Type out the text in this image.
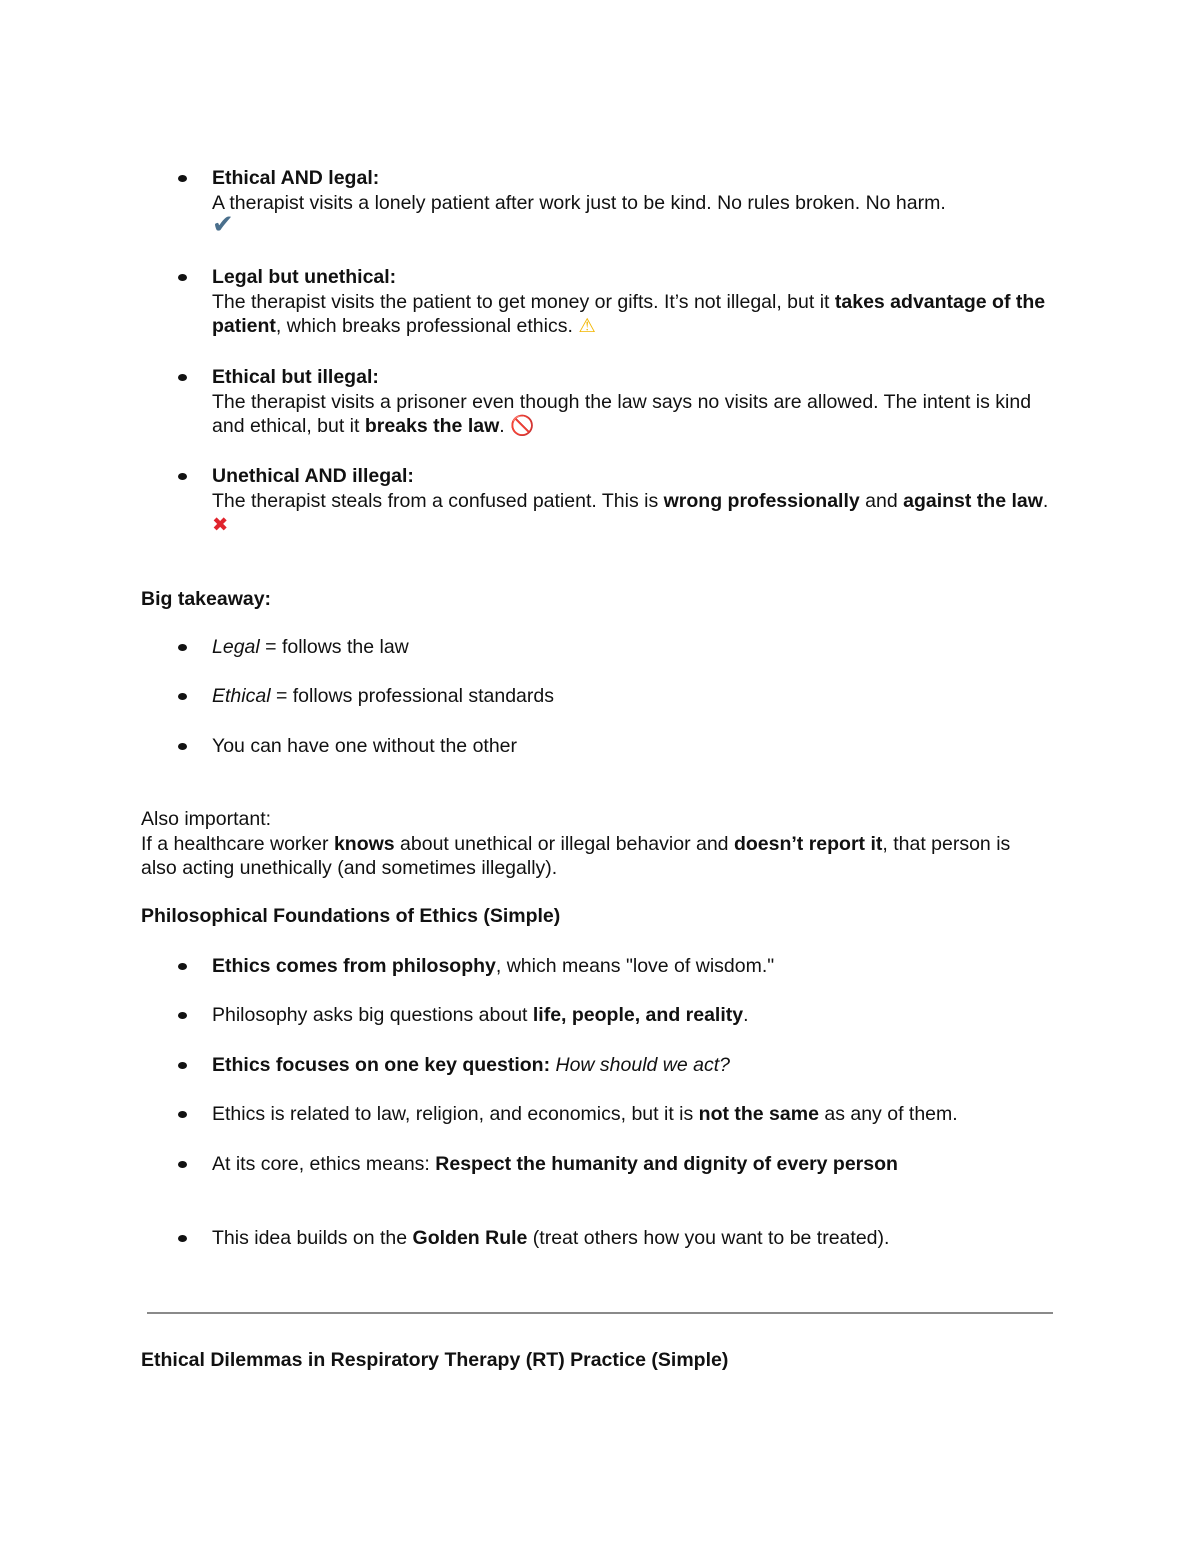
Ethical AND legal:
A therapist visits a lonely patient after work just to be kind. No rules broken. No harm.
✔
Legal but unethical:
The therapist visits the patient to get money or gifts. It’s not illegal, but it takes advantage of the patient, which breaks professional ethics. ⚠
Ethical but illegal:
The therapist visits a prisoner even though the law says no visits are allowed. The intent is kind and ethical, but it breaks the law. 🚫
Unethical AND illegal:
The therapist steals from a confused patient. This is wrong professionally and against the law. ✖
Big takeaway:
Legal = follows the law
Ethical = follows professional standards
You can have one without the other
Also important:
If a healthcare worker knows about unethical or illegal behavior and doesn’t report it, that person is also acting unethically (and sometimes illegally).
Philosophical Foundations of Ethics (Simple)
Ethics comes from philosophy, which means "love of wisdom."
Philosophy asks big questions about life, people, and reality.
Ethics focuses on one key question: How should we act?
Ethics is related to law, religion, and economics, but it is not the same as any of them.
At its core, ethics means: Respect the humanity and dignity of every person
This idea builds on the Golden Rule (treat others how you want to be treated).
Ethical Dilemmas in Respiratory Therapy (RT) Practice (Simple)
